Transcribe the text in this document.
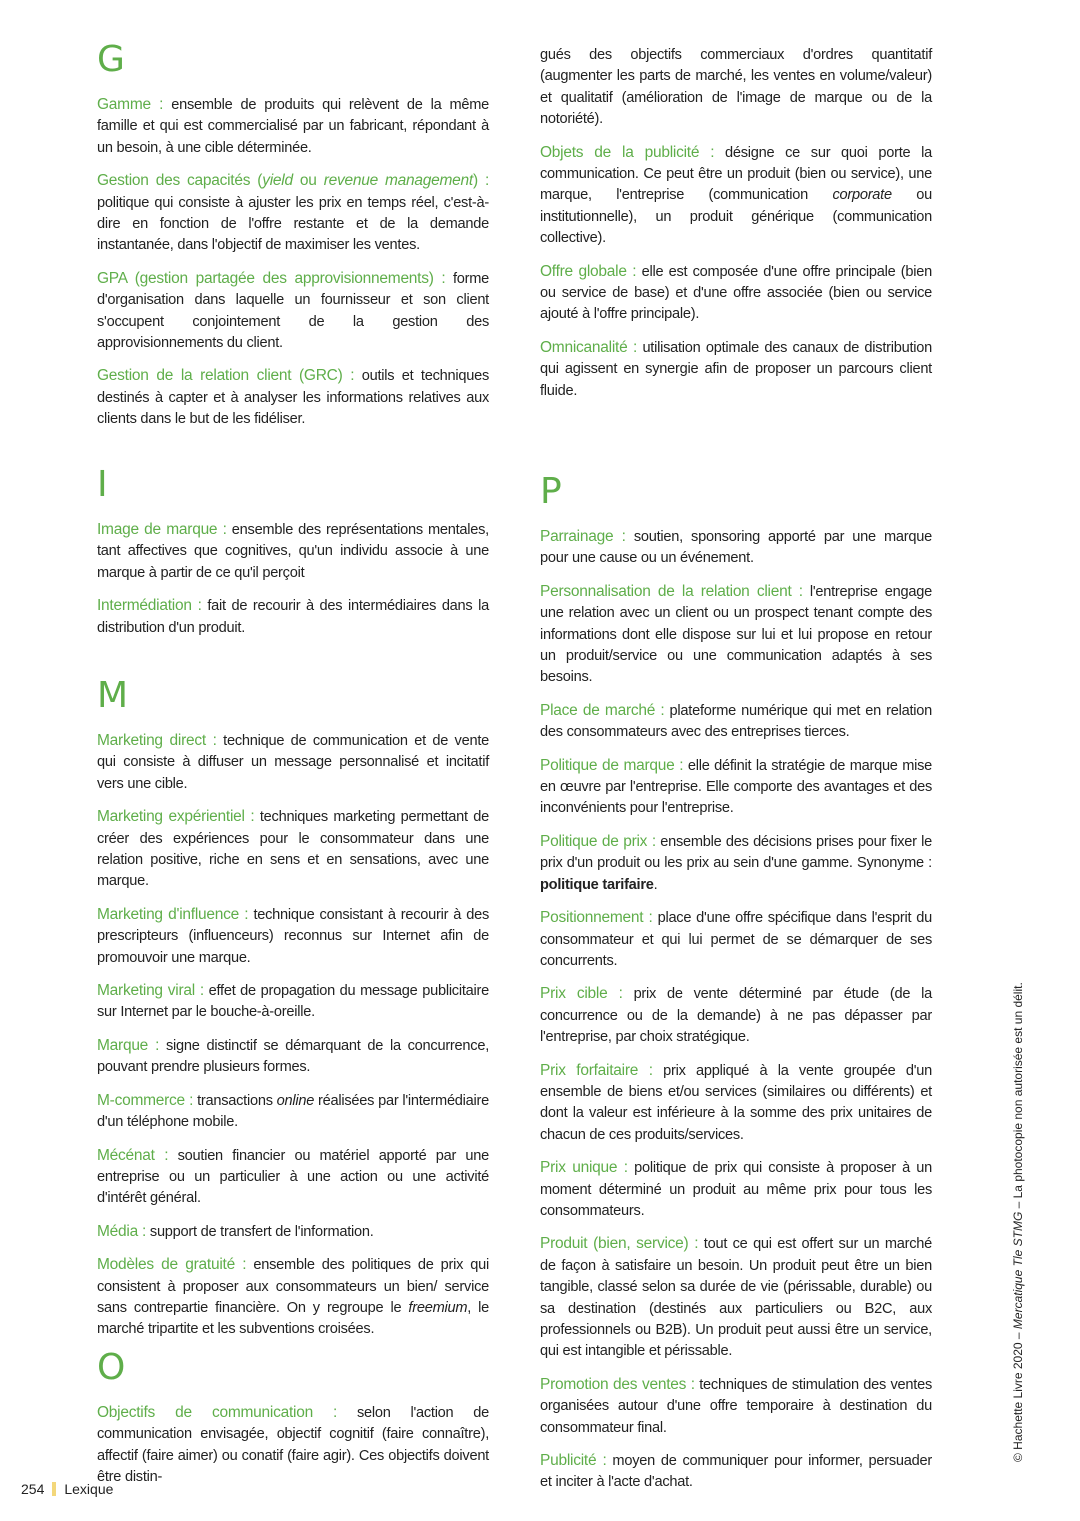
G

Gamme : ensemble de produits qui relèvent de la même famille et qui est commercialisé par un fabricant, répondant à un besoin, à une cible déterminée.

Gestion des capacités (yield ou revenue management) : politique qui consiste à ajuster les prix en temps réel, c'est-à-dire en fonction de l'offre restante et de la demande instantanée, dans l'objectif de maximiser les ventes.

GPA (gestion partagée des approvisionnements) : forme d'organisation dans laquelle un fournisseur et son client s'occupent conjointement de la gestion des approvisionnements du client.

Gestion de la relation client (GRC) : outils et techniques destinés à capter et à analyser les informations relatives aux clients dans le but de les fidéliser.

I

Image de marque : ensemble des représentations mentales, tant affectives que cognitives, qu'un individu associe à une marque à partir de ce qu'il perçoit

Intermédiation : fait de recourir à des intermédiaires dans la distribution d'un produit.

M

Marketing direct : technique de communication et de vente qui consiste à diffuser un message personnalisé et incitatif vers une cible.

Marketing expérientiel : techniques marketing permettant de créer des expériences pour le consommateur dans une relation positive, riche en sens et en sensations, avec une marque.

Marketing d'influence : technique consistant à recourir à des prescripteurs (influenceurs) reconnus sur Internet afin de promouvoir une marque.

Marketing viral : effet de propagation du message publicitaire sur Internet par le bouche-à-oreille.

Marque : signe distinctif se démarquant de la concurrence, pouvant prendre plusieurs formes.

M-commerce : transactions online réalisées par l'intermédiaire d'un téléphone mobile.

Mécénat : soutien financier ou matériel apporté par une entreprise ou un particulier à une action ou une activité d'intérêt général.

Média : support de transfert de l'information.

Modèles de gratuité : ensemble des politiques de prix qui consistent à proposer aux consommateurs un bien/ service sans contrepartie financière. On y regroupe le freemium, le marché tripartite et les subventions croisées.

O

Objectifs de communication : selon l'action de communication envisagée, objectif cognitif (faire connaître), affectif (faire aimer) ou conatif (faire agir). Ces objectifs doivent être distin-

gués des objectifs commerciaux d'ordres quantitatif (augmenter les parts de marché, les ventes en volume/valeur) et qualitatif (amélioration de l'image de marque ou de la notoriété).

Objets de la publicité : désigne ce sur quoi porte la communication. Ce peut être un produit (bien ou service), une marque, l'entreprise (communication corporate ou institutionnelle), un produit générique (communication collective).

Offre globale : elle est composée d'une offre principale (bien ou service de base) et d'une offre associée (bien ou service ajouté à l'offre principale).

Omnicanalité : utilisation optimale des canaux de distribution qui agissent en synergie afin de proposer un parcours client fluide.

P

Parrainage : soutien, sponsoring apporté par une marque pour une cause ou un événement.

Personnalisation de la relation client : l'entreprise engage une relation avec un client ou un prospect tenant compte des informations dont elle dispose sur lui et lui propose en retour un produit/service ou une communication adaptés à ses besoins.

Place de marché : plateforme numérique qui met en relation des consommateurs avec des entreprises tierces.

Politique de marque : elle définit la stratégie de marque mise en œuvre par l'entreprise. Elle comporte des avantages et des inconvénients pour l'entreprise.

Politique de prix : ensemble des décisions prises pour fixer le prix d'un produit ou les prix au sein d'une gamme. Synonyme : politique tarifaire.

Positionnement : place d'une offre spécifique dans l'esprit du consommateur et qui lui permet de se démarquer de ses concurrents.

Prix cible : prix de vente déterminé par étude (de la concurrence ou de la demande) à ne pas dépasser par l'entreprise, par choix stratégique.

Prix forfaitaire : prix appliqué à la vente groupée d'un ensemble de biens et/ou services (similaires ou différents) et dont la valeur est inférieure à la somme des prix unitaires de chacun de ces produits/services.

Prix unique : politique de prix qui consiste à proposer à un moment déterminé un produit au même prix pour tous les consommateurs.

Produit (bien, service) : tout ce qui est offert sur un marché de façon à satisfaire un besoin. Un produit peut être un bien tangible, classé selon sa durée de vie (périssable, durable) ou sa destination (destinés aux particuliers ou B2C, aux professionnels ou B2B). Un produit peut aussi être un service, qui est intangible et périssable.

Promotion des ventes : techniques de stimulation des ventes organisées autour d'une offre temporaire à destination du consommateur final.

Publicité : moyen de communiquer pour informer, persuader et inciter à l'acte d'achat.

254 Lexique
© Hachette Livre 2020 – Mercatique Tle STMG – La photocopie non autorisée est un délit.
